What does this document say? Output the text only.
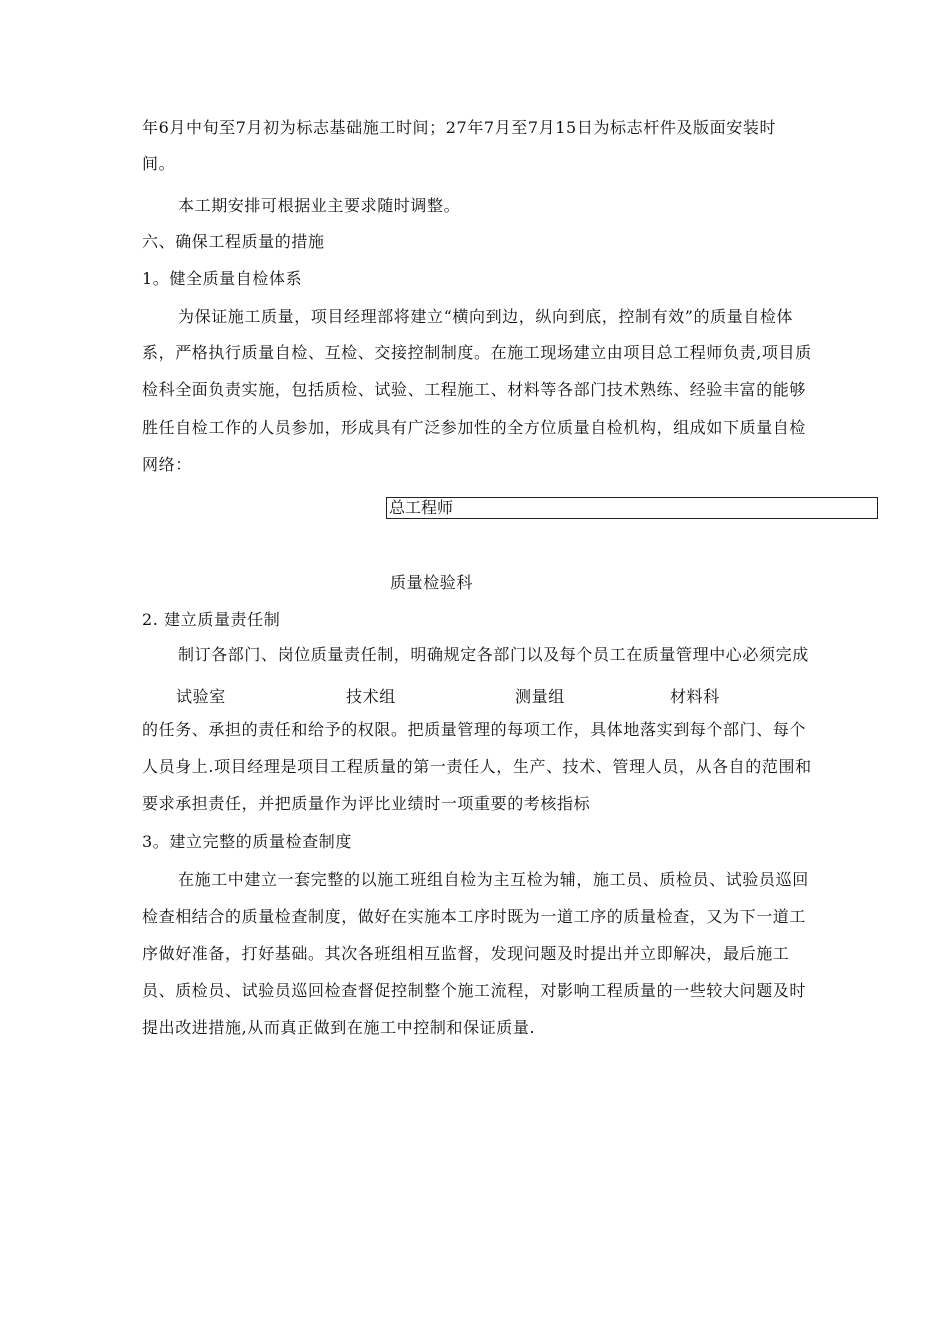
年6月中旬至7月初为标志基础施工时间；27年7月至7月15日为标志杆件及版面安装时
间。
本工期安排可根据业主要求随时调整。
六、确保工程质量的措施
1。健全质量自检体系
为保证施工质量，项目经理部将建立“横向到边，纵向到底，控制有效”的质量自检体
系，严格执行质量自检、互检、交接控制制度。在施工现场建立由项目总工程师负责,项目质
检科全面负责实施，包括质检、试验、工程施工、材料等各部门技术熟练、经验丰富的能够
胜任自检工作的人员参加，形成具有广泛参加性的全方位质量自检机构，组成如下质量自检
网络：
总工程师
质量检验科
2. 建立质量责任制
制订各部门、岗位质量责任制，明确规定各部门以及每个员工在质量管理中心必须完成
试验室	技术组	测量组	材料科
的任务、承担的责任和给予的权限。把质量管理的每项工作，具体地落实到每个部门、每个
人员身上.项目经理是项目工程质量的第一责任人，生产、技术、管理人员，从各自的范围和
要求承担责任，并把质量作为评比业绩时一项重要的考核指标
3。建立完整的质量检查制度
在施工中建立一套完整的以施工班组自检为主互检为辅，施工员、质检员、试验员巡回
检查相结合的质量检查制度，做好在实施本工序时既为一道工序的质量检查，又为下一道工
序做好准备，打好基础。其次各班组相互监督，发现问题及时提出并立即解决，最后施工
员、质检员、试验员巡回检查督促控制整个施工流程，对影响工程质量的一些较大问题及时
提出改进措施,从而真正做到在施工中控制和保证质量.
